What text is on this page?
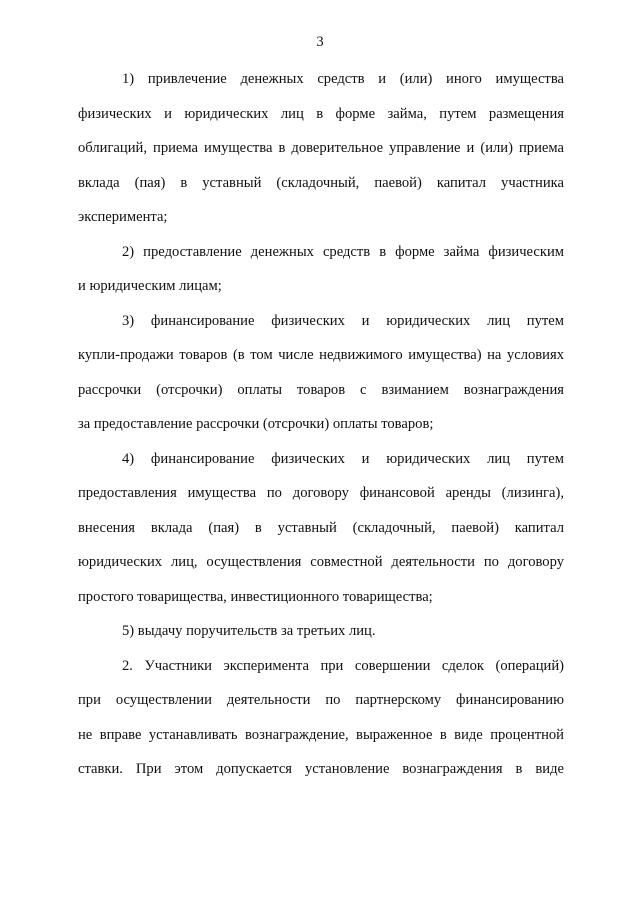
3
1) привлечение денежных средств и (или) иного имущества
физических и юридических лиц в форме займа, путем размещения
облигаций, приема имущества в доверительное управление и (или) приема
вклада (пая) в уставный (складочный, паевой) капитал участника
эксперимента;
2) предоставление денежных средств в форме займа физическим
и юридическим лицам;
3) финансирование физических и юридических лиц путем
купли-продажи товаров (в том числе недвижимого имущества) на условиях
рассрочки (отсрочки) оплаты товаров с взиманием вознаграждения
за предоставление рассрочки (отсрочки) оплаты товаров;
4) финансирование физических и юридических лиц путем
предоставления имущества по договору финансовой аренды (лизинга),
внесения вклада (пая) в уставный (складочный, паевой) капитал
юридических лиц, осуществления совместной деятельности по договору
простого товарищества, инвестиционного товарищества;
5) выдачу поручительств за третьих лиц.
2. Участники эксперимента при совершении сделок (операций)
при осуществлении деятельности по партнерскому финансированию
не вправе устанавливать вознаграждение, выраженное в виде процентной
ставки. При этом допускается установление вознаграждения в виде
